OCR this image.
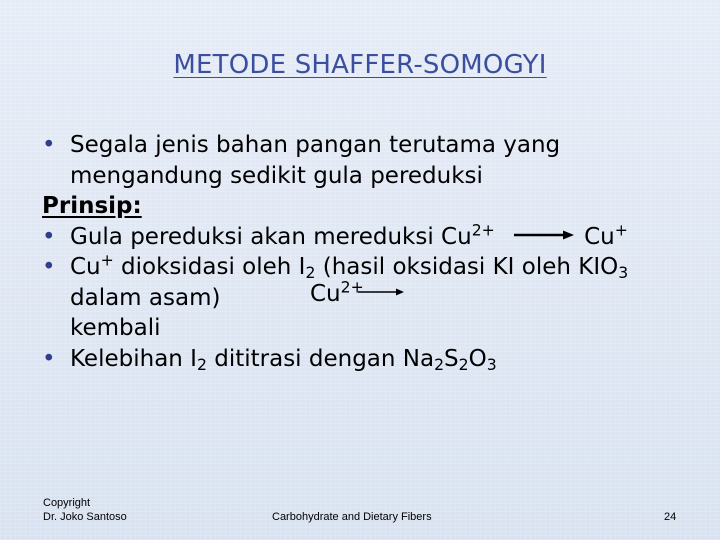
METODE SHAFFER-SOMOGYI
• Segala jenis bahan pangan terutama yang
mengandung sedikit gula pereduksi
Prinsip:
• Gula pereduksi akan mereduksi $Cu^{2+} \to Cu^+$
• Cu+ dioksidasi oleh $I_2$ (hasil oksidasi KI oleh $KIO_3$
dalam asam)	$Cu^{2+}$
kembali
• Kelebihan $I_2$ dititrasi dengan $Na_2S_2O_3$
Copyright
Dr. Joko Santoso	Carbohydrate and Dietary Fibers	24
